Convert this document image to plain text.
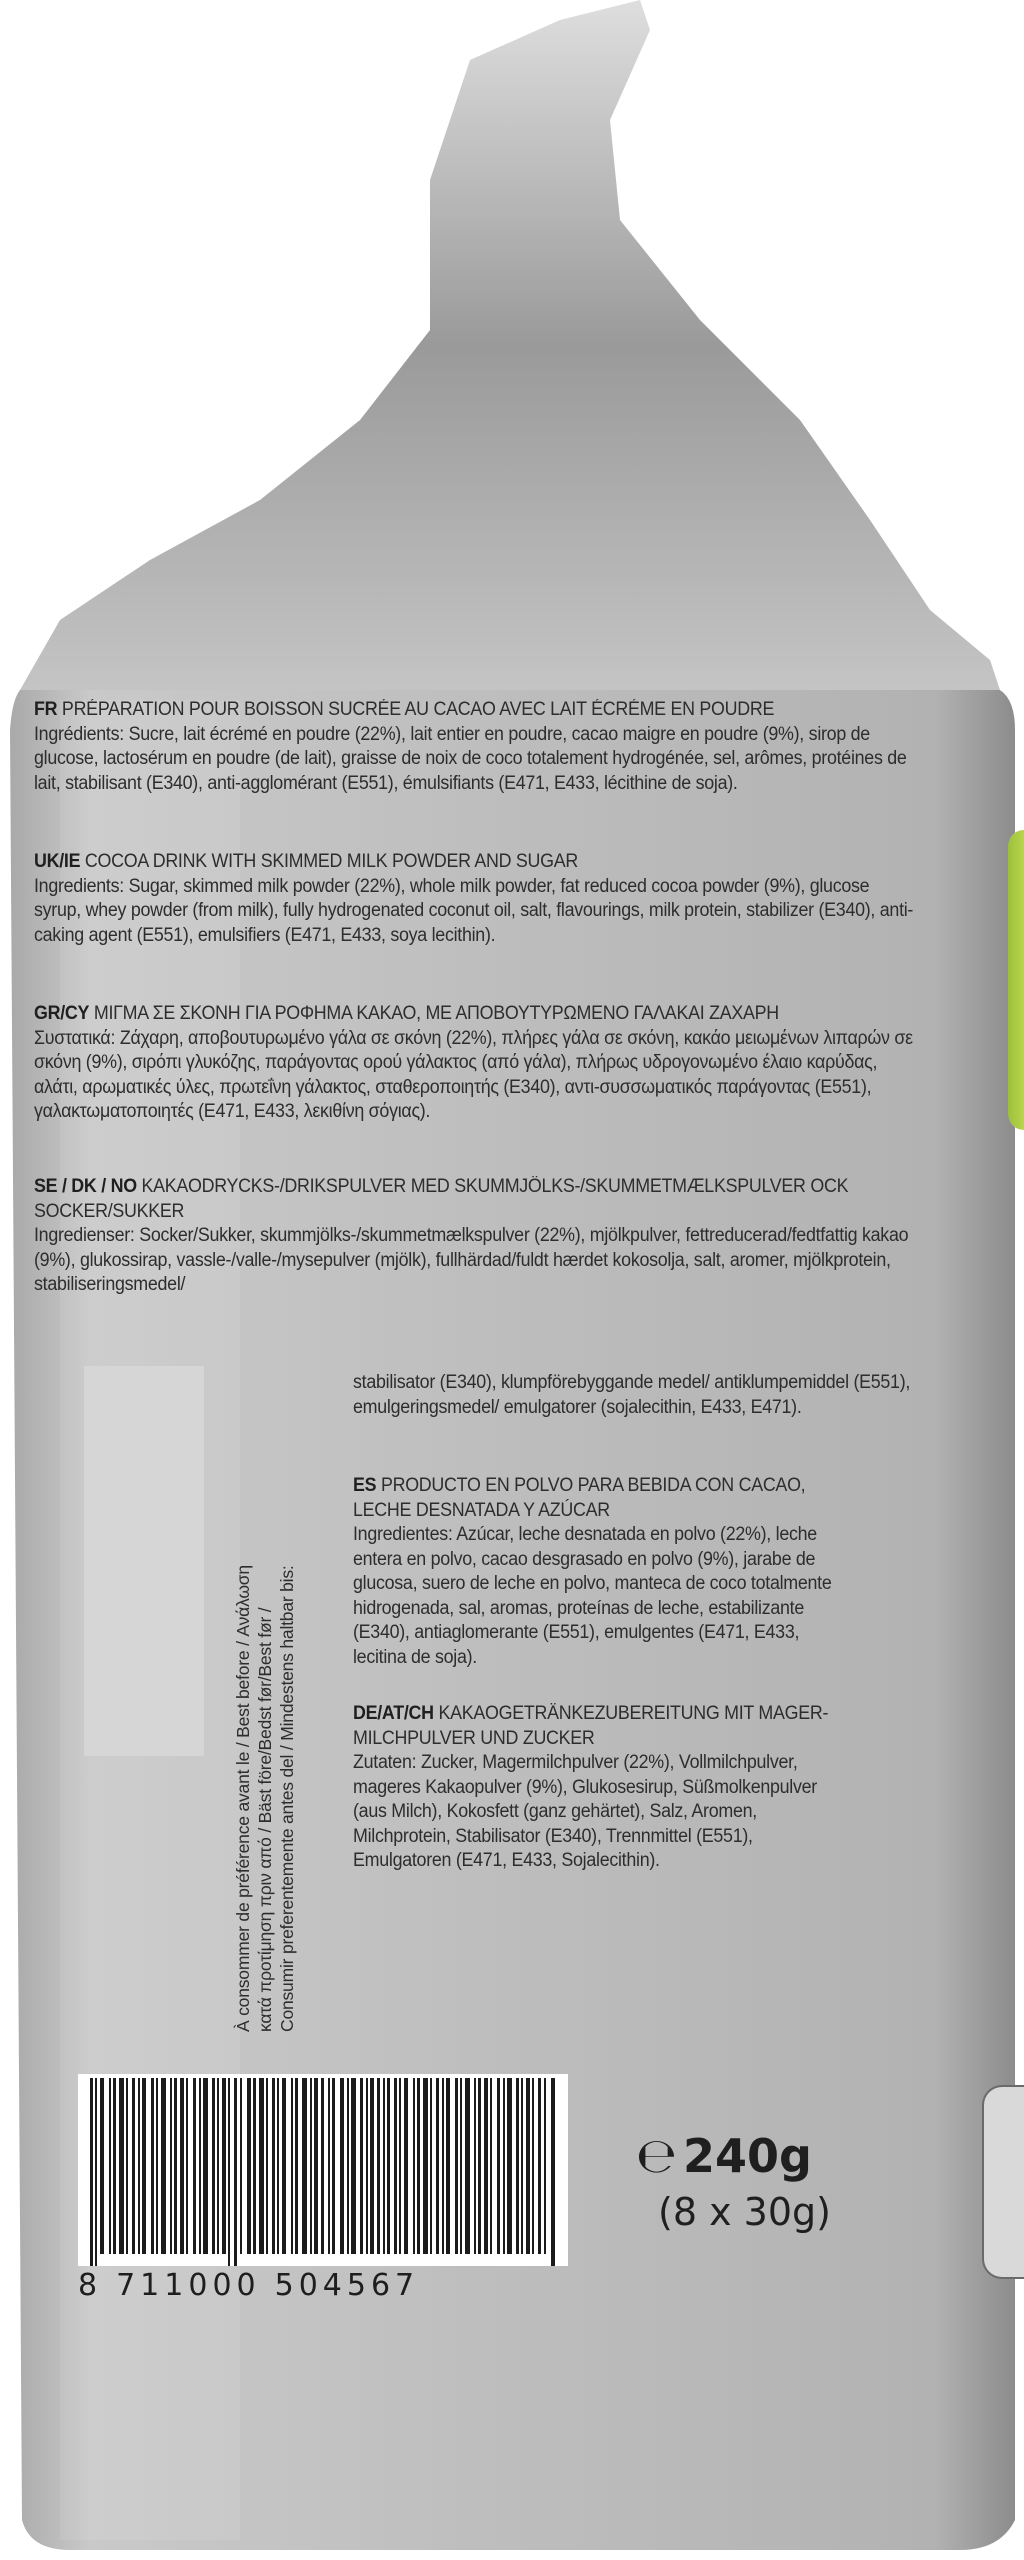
FR PRÉPARATION POUR BOISSON SUCRÉE AU CACAO AVEC LAIT ÉCRÉME EN POUDRE
Ingrédients: Sucre, lait écrémé en poudre (22%), lait entier en poudre, cacao maigre en poudre (9%), sirop de glucose, lactosérum en poudre (de lait), graisse de noix de coco totalement hydrogénée, sel, arômes, protéines de lait, stabilisant (E340), anti-agglomérant (E551), émulsifiants (E471, E433, lécithine de soja).
UK/IE COCOA DRINK WITH SKIMMED MILK POWDER AND SUGAR
Ingredients: Sugar, skimmed milk powder (22%), whole milk powder, fat reduced cocoa powder (9%), glucose syrup, whey powder (from milk), fully hydrogenated coconut oil, salt, flavourings, milk protein, stabilizer (E340), anti-caking agent (E551), emulsifiers (E471, E433, soya lecithin).
GR/CY ΜΙΓΜΑ ΣΕ ΣΚΟΝΗ ΓΙΑ ΡΟΦΗΜΑ ΚΑΚΑΟ, ΜΕ ΑΠΟΒΟΥΤΥΡΩΜΕΝΟ ΓΑΛΑΚΑΙ ΖΑΧΑΡΗ
Συστατικά: Ζάχαρη, αποβουτυρωμένο γάλα σε σκόνη (22%), πλήρες γάλα σε σκόνη, κακάο μειωμένων λιπαρών σε σκόνη (9%), σιρόπι γλυκόζης, παράγοντας ορού γάλακτος (από γάλα), πλήρως υδρογονωμένο έλαιο καρύδας, αλάτι, αρωματικές ύλες, πρωτεΐνη γάλακτος, σταθεροποιητής (E340), αντι-συσσωματικός παράγοντας (E551), γαλακτωματοποιητές (E471, E433, λεκιθίνη σόγιας).
SE / DK / NO KAKAODRYCKS-/DRIKSPULVER MED SKUMMJÖLKS-/SKUMMETMÆLKSPULVER OCK SOCKER/SUKKER
Ingredienser: Socker/Sukker, skummjölks-/skummetmælkspulver (22%), mjölkpulver, fettreducerad/fedtfattig kakao (9%), glukossirap, vassle-/valle-/mysepulver (mjölk), fullhärdad/fuldt hærdet kokosolja, salt, aromer, mjölkprotein, stabiliseringsmedel/
stabilisator (E340), klumpförebyggande medel/ antiklumpemiddel (E551), emulgeringsmedel/ emulgatorer (sojalecithin, E433, E471).
À consommer de préférence avant le / Best before / Ανάλωση κατά προτίμηση πριν από / Bäst före/Bedst før/Best før / Consumir preferentemente antes del / Mindestens haltbar bis:
ES PRODUCTO EN POLVO PARA BEBIDA CON CACAO, LECHE DESNATADA Y AZÚCAR
Ingredientes: Azúcar, leche desnatada en polvo (22%), leche entera en polvo, cacao desgrasado en polvo (9%), jarabe de glucosa, suero de leche en polvo, manteca de coco totalmente hidrogenada, sal, aromas, proteínas de leche, estabilizante (E340), antiaglomerante (E551), emulgentes (E471, E433, lecitina de soja).
DE/AT/CH KAKAOGETRÄNKEZUBEREITUNG MIT MAGER-MILCHPULVER UND ZUCKER
Zutaten: Zucker, Magermilchpulver (22%), Vollmilchpulver, mageres Kakaopulver (9%), Glukosesirup, Süßmolkenpulver (aus Milch), Kokosfett (ganz gehärtet), Salz, Aromen, Milchprotein, Stabilisator (E340), Trennmittel (E551), Emulgatoren (E471, E433, Sojalecithin).
8 711000 504567
℮ 240g
(8 x 30g)
